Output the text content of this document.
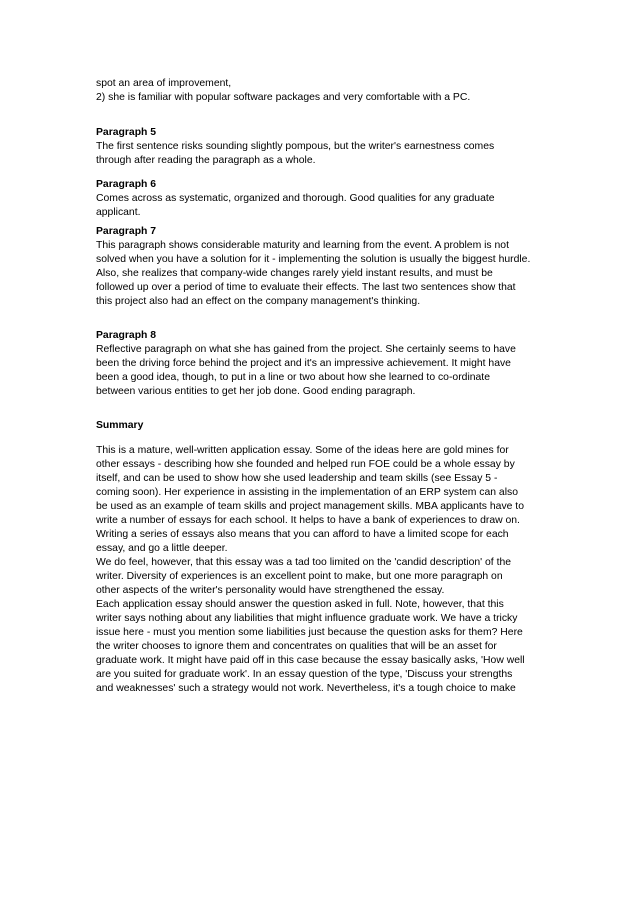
spot an area of improvement,
2) she is familiar with popular software packages and very comfortable with a PC.
Paragraph 5
The first sentence risks sounding slightly pompous, but the writer's earnestness comes
through after reading the paragraph as a whole.
Paragraph 6
Comes across as systematic, organized and thorough. Good qualities for any graduate
applicant.
Paragraph 7
This paragraph shows considerable maturity and learning from the event. A problem is not
solved when you have a solution for it - implementing the solution is usually the biggest hurdle.
Also, she realizes that company-wide changes rarely yield instant results, and must be
followed up over a period of time to evaluate their effects. The last two sentences show that
this project also had an effect on the company management's thinking.
Paragraph 8
Reflective paragraph on what she has gained from the project. She certainly seems to have
been the driving force behind the project and it's an impressive achievement. It might have
been a good idea, though, to put in a line or two about how she learned to co-ordinate
between various entities to get her job done. Good ending paragraph.
Summary
This is a mature, well-written application essay. Some of the ideas here are gold mines for
other essays - describing how she founded and helped run FOE could be a whole essay by
itself, and can be used to show how she used leadership and team skills (see Essay 5 -
coming soon). Her experience in assisting in the implementation of an ERP system can also
be used as an example of team skills and project management skills. MBA applicants have to
write a number of essays for each school. It helps to have a bank of experiences to draw on.
Writing a series of essays also means that you can afford to have a limited scope for each
essay, and go a little deeper.
We do feel, however, that this essay was a tad too limited on the 'candid description' of the
writer. Diversity of experiences is an excellent point to make, but one more paragraph on
other aspects of the writer's personality would have strengthened the essay.
Each application essay should answer the question asked in full. Note, however, that this
writer says nothing about any liabilities that might influence graduate work. We have a tricky
issue here - must you mention some liabilities just because the question asks for them? Here
the writer chooses to ignore them and concentrates on qualities that will be an asset for
graduate work. It might have paid off in this case because the essay basically asks, 'How well
are you suited for graduate work'. In an essay question of the type, 'Discuss your strengths
and weaknesses' such a strategy would not work. Nevertheless, it's a tough choice to make
